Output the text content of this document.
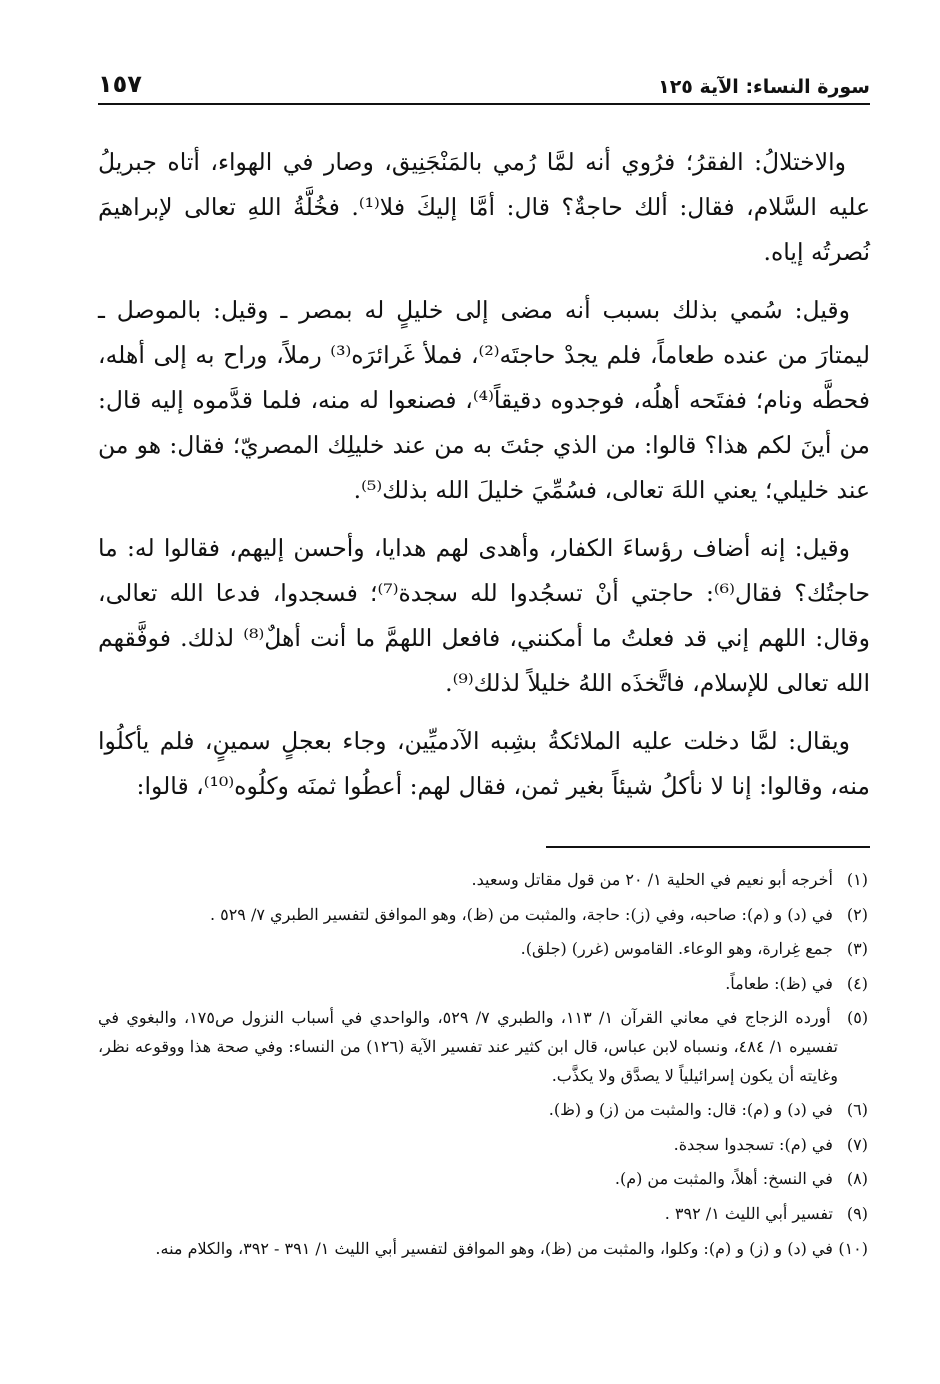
سورة النساء: الآية ١٢٥
١٥٧

والاختلالُ: الفقرُ؛ فرُوي أنه لمَّا رُمي بالمَنْجَنِيق، وصار في الهواء، أتاه جبريلُ عليه السَّلام، فقال: ألك حاجةٌ؟ قال: أمَّا إليكَ فلا⁽¹⁾. فخُلَّةُ اللهِ تعالى لإبراهيمَ نُصرتُه إياه.

وقيل: سُمي بذلك بسبب أنه مضى إلى خليلٍ له بمصر ـ وقيل: بالموصل ـ ليمتارَ من عنده طعاماً، فلم يجدْ حاجتَه⁽²⁾، فملأ غَرائرَه⁽³⁾ رملاً، وراح به إلى أهله، فحطَّه ونام؛ ففتَحه أهلُه، فوجدوه دقيقاً⁽⁴⁾، فصنعوا له منه، فلما قدَّموه إليه قال: من أينَ لكم هذا؟ قالوا: من الذي جئتَ به من عند خليلِك المصريّ؛ فقال: هو من عند خليلي؛ يعني اللهَ تعالى، فسُمِّيَ خليلَ الله بذلك⁽⁵⁾.

وقيل: إنه أضاف رؤساءَ الكفار، وأهدى لهم هدايا، وأحسن إليهم، فقالوا له: ما حاجتُك؟ فقال⁽⁶⁾: حاجتي أنْ تسجُدوا لله سجدة⁽⁷⁾؛ فسجدوا، فدعا الله تعالى، وقال: اللهم إني قد فعلتُ ما أمكنني، فافعل اللهمَّ ما أنت أهلٌ⁽⁸⁾ لذلك. فوفَّقهم الله تعالى للإسلام، فاتَّخذَه اللهُ خليلاً لذلك⁽⁹⁾.

ويقال: لمَّا دخلت عليه الملائكةُ بشِبه الآدميِّين، وجاء بعجلٍ سمينٍ، فلم يأكلُوا منه، وقالوا: إنا لا نأكلُ شيئاً بغير ثمن، فقال لهم: أعطُوا ثمنَه وكلُوه⁽¹⁰⁾، قالوا:

(١) أخرجه أبو نعيم في الحلية ١/ ٢٠ من قول مقاتل وسعيد.
(٢) في (د) و (م): صاحبه، وفي (ز): حاجة، والمثبت من (ظ)، وهو الموافق لتفسير الطبري ٧/ ٥٢٩ .
(٣) جمع غِرارة، وهو الوعاء. القاموس (غرر) (جلق).
(٤) في (ظ): طعاماً.
(٥) أورده الزجاج في معاني القرآن ١/ ١١٣، والطبري ٧/ ٥٢٩، والواحدي في أسباب النزول ص١٧٥، والبغوي في تفسيره ١/ ٤٨٤، ونسباه لابن عباس، قال ابن كثير عند تفسير الآية (١٢٦) من النساء: وفي صحة هذا ووقوعه نظر، وغايته أن يكون إسرائيلياً لا يصدَّق ولا يكذَّب.
(٦) في (د) و (م): قال: والمثبت من (ز) و (ظ).
(٧) في (م): تسجدوا سجدة.
(٨) في النسخ: أهلاً، والمثبت من (م).
(٩) تفسير أبي الليث ١/ ٣٩٢ .
(١٠) في (د) و (ز) و (م): وكلوا، والمثبت من (ظ)، وهو الموافق لتفسير أبي الليث ١/ ٣٩١ - ٣٩٢، والكلام منه.
